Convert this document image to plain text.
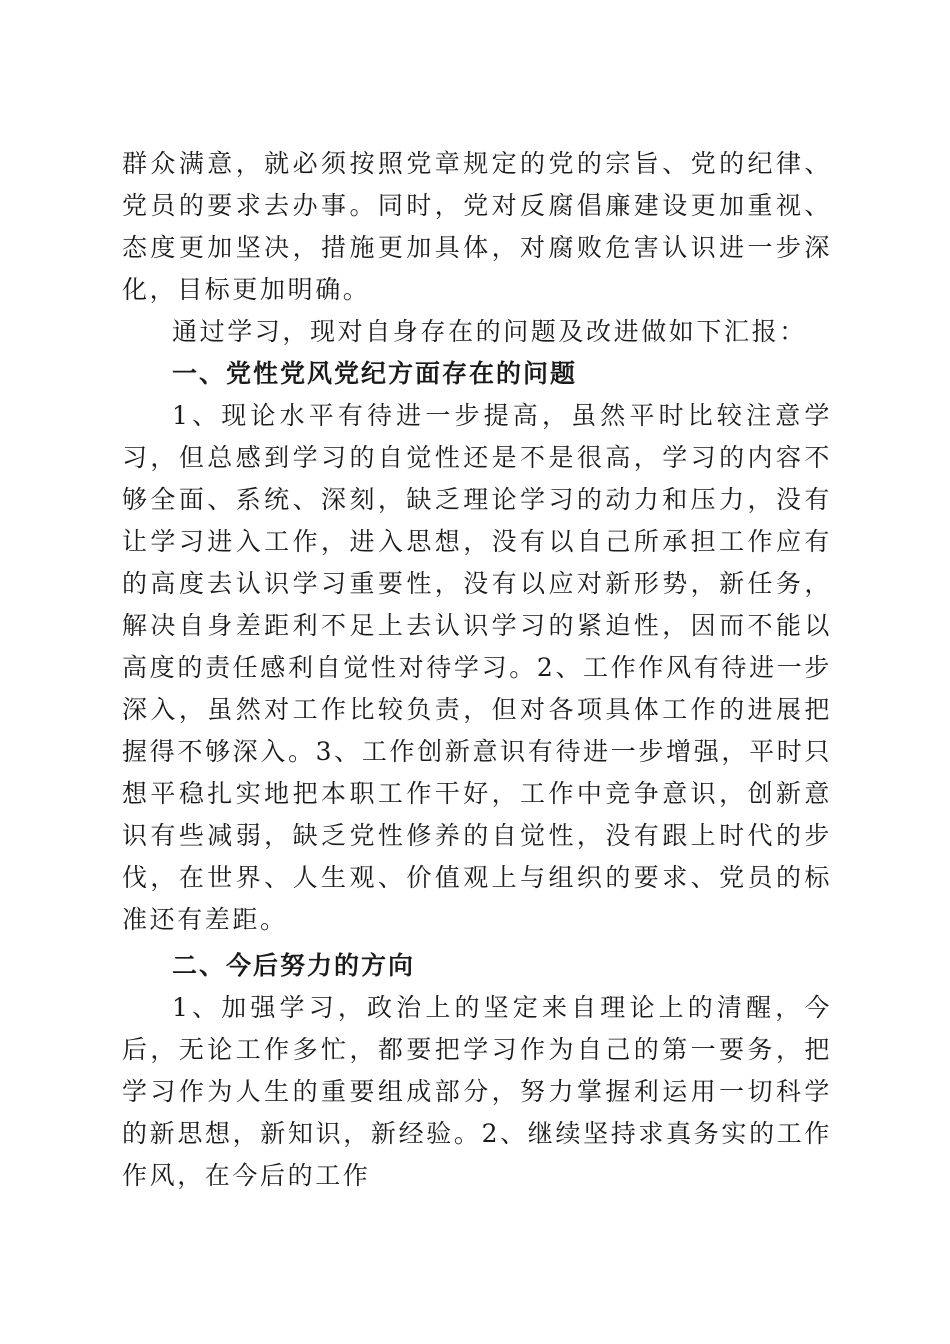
群众满意，就必须按照党章规定的党的宗旨、党的纪律、党员的要求去办事。同时，党对反腐倡廉建设更加重视、态度更加坚决，措施更加具体，对腐败危害认识进一步深化，目标更加明确。

通过学习，现对自身存在的问题及改进做如下汇报：

一、党性党风党纪方面存在的问题

1、现论水平有待进一步提高，虽然平时比较注意学习，但总感到学习的自觉性还是不是很高，学习的内容不够全面、系统、深刻，缺乏理论学习的动力和压力，没有让学习进入工作，进入思想，没有以自己所承担工作应有的高度去认识学习重要性，没有以应对新形势，新任务，解决自身差距利不足上去认识学习的紧迫性，因而不能以高度的责任感利自觉性对待学习。2、工作作风有待进一步深入，虽然对工作比较负责，但对各项具体工作的进展把握得不够深入。3、工作创新意识有待进一步增强，平时只想平稳扎实地把本职工作干好，工作中竞争意识，创新意识有些减弱，缺乏党性修养的自觉性，没有跟上时代的步伐，在世界、人生观、价值观上与组织的要求、党员的标准还有差距。

二、今后努力的方向

1、加强学习，政治上的坚定来自理论上的清醒，今后，无论工作多忙，都要把学习作为自己的第一要务，把学习作为人生的重要组成部分，努力掌握利运用一切科学的新思想，新知识，新经验。2、继续坚持求真务实的工作作风，在今后的工作
